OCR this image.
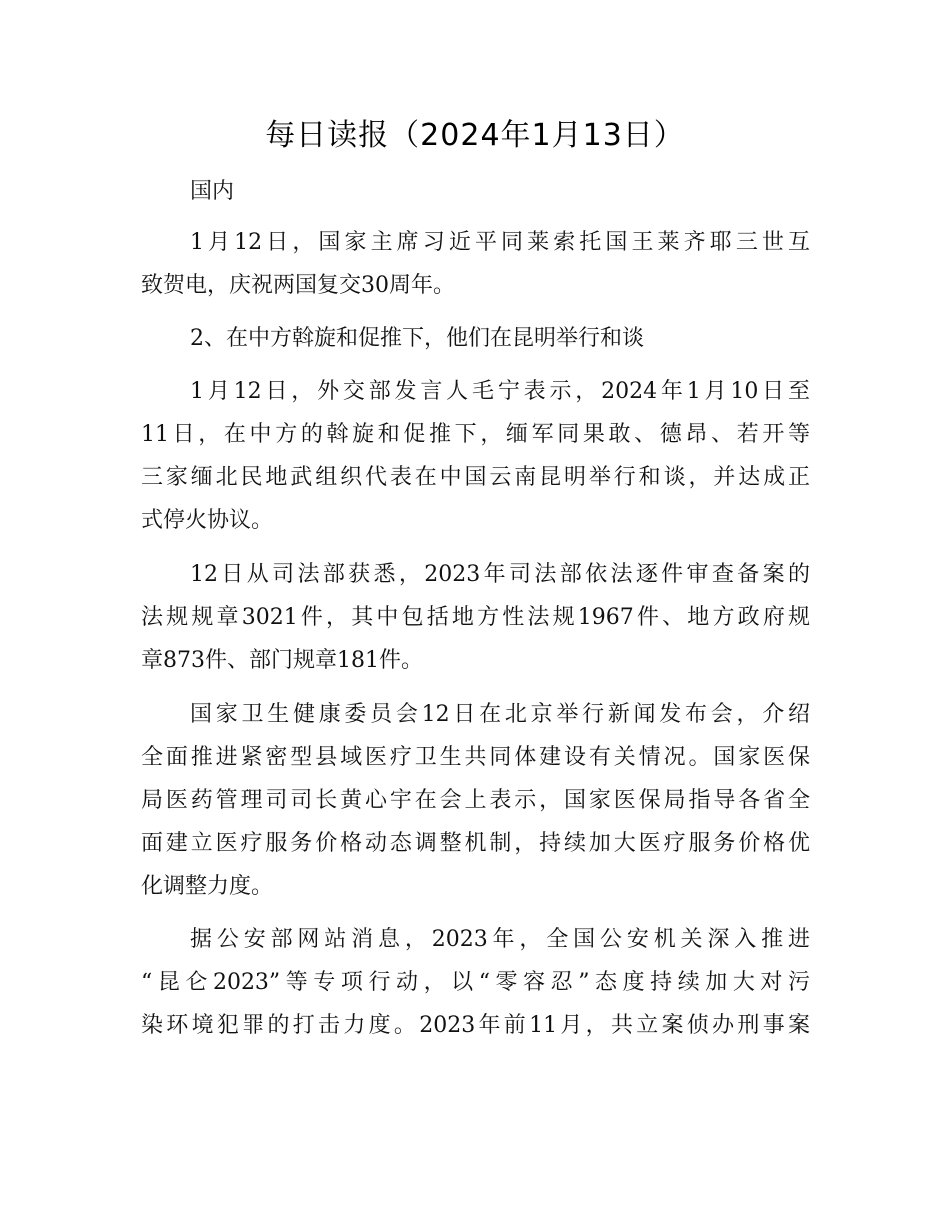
每日读报（2024年1月13日）
国内
1月12日，国家主席习近平同莱索托国王莱齐耶三世互
致贺电，庆祝两国复交30周年。
2、在中方斡旋和促推下，他们在昆明举行和谈
1月12日，外交部发言人毛宁表示，2024年1月10日至
11日，在中方的斡旋和促推下，缅军同果敢、德昂、若开等
三家缅北民地武组织代表在中国云南昆明举行和谈，并达成正
式停火协议。
12日从司法部获悉，2023年司法部依法逐件审查备案的
法规规章3021件，其中包括地方性法规1967件、地方政府规
章873件、部门规章181件。
国家卫生健康委员会12日在北京举行新闻发布会，介绍
全面推进紧密型县域医疗卫生共同体建设有关情况。国家医保
局医药管理司司长黄心宇在会上表示，国家医保局指导各省全
面建立医疗服务价格动态调整机制，持续加大医疗服务价格优
化调整力度。
据公安部网站消息，2023年，全国公安机关深入推进
“昆仑2023”等专项行动，以“零容忍”态度持续加大对污
染环境犯罪的打击力度。2023年前11月，共立案侦办刑事案
